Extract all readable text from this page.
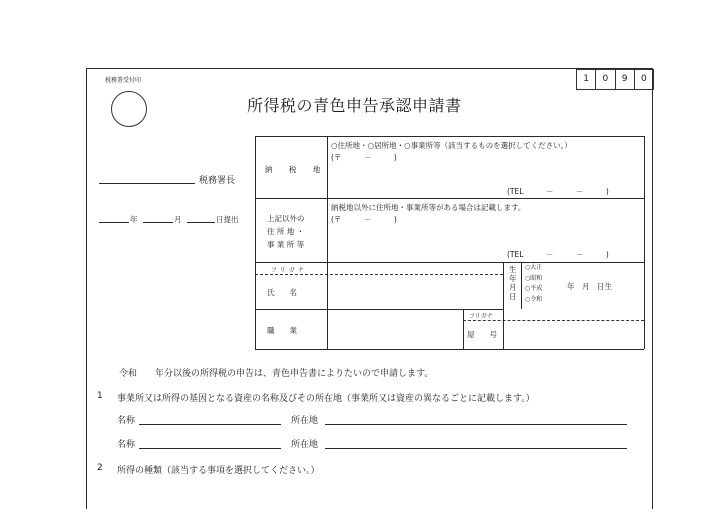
税務署受付印	1	0	9	0
所得税の青色申告承認申請書
税務署長
年	月	日提出
納 税 地
○住所地・○居所地・○事業所等（該当するものを選択してください。）
(〒　　　－　　　)
(TEL　　　－　　　－　　　)
上記以外の
住 所 地 ・
事 業 所 等
納税地以外に住所地・事業所等がある場合は記載します。
(〒　　　－　　　)
(TEL　　　－　　　－　　　)
フリガナ
氏　　名
生
年
月
日
○大正
○昭和
○平成
○令和
年　月　日生
職　　業
フリガナ
屋　　号
令和　　年分以後の所得税の申告は、青色申告書によりたいので申請します。
1 事業所又は所得の基因となる資産の名称及びその所在地（事業所又は資産の異なるごとに記載します。）
名称	所在地
名称	所在地
2 所得の種類（該当する事項を選択してください。）
